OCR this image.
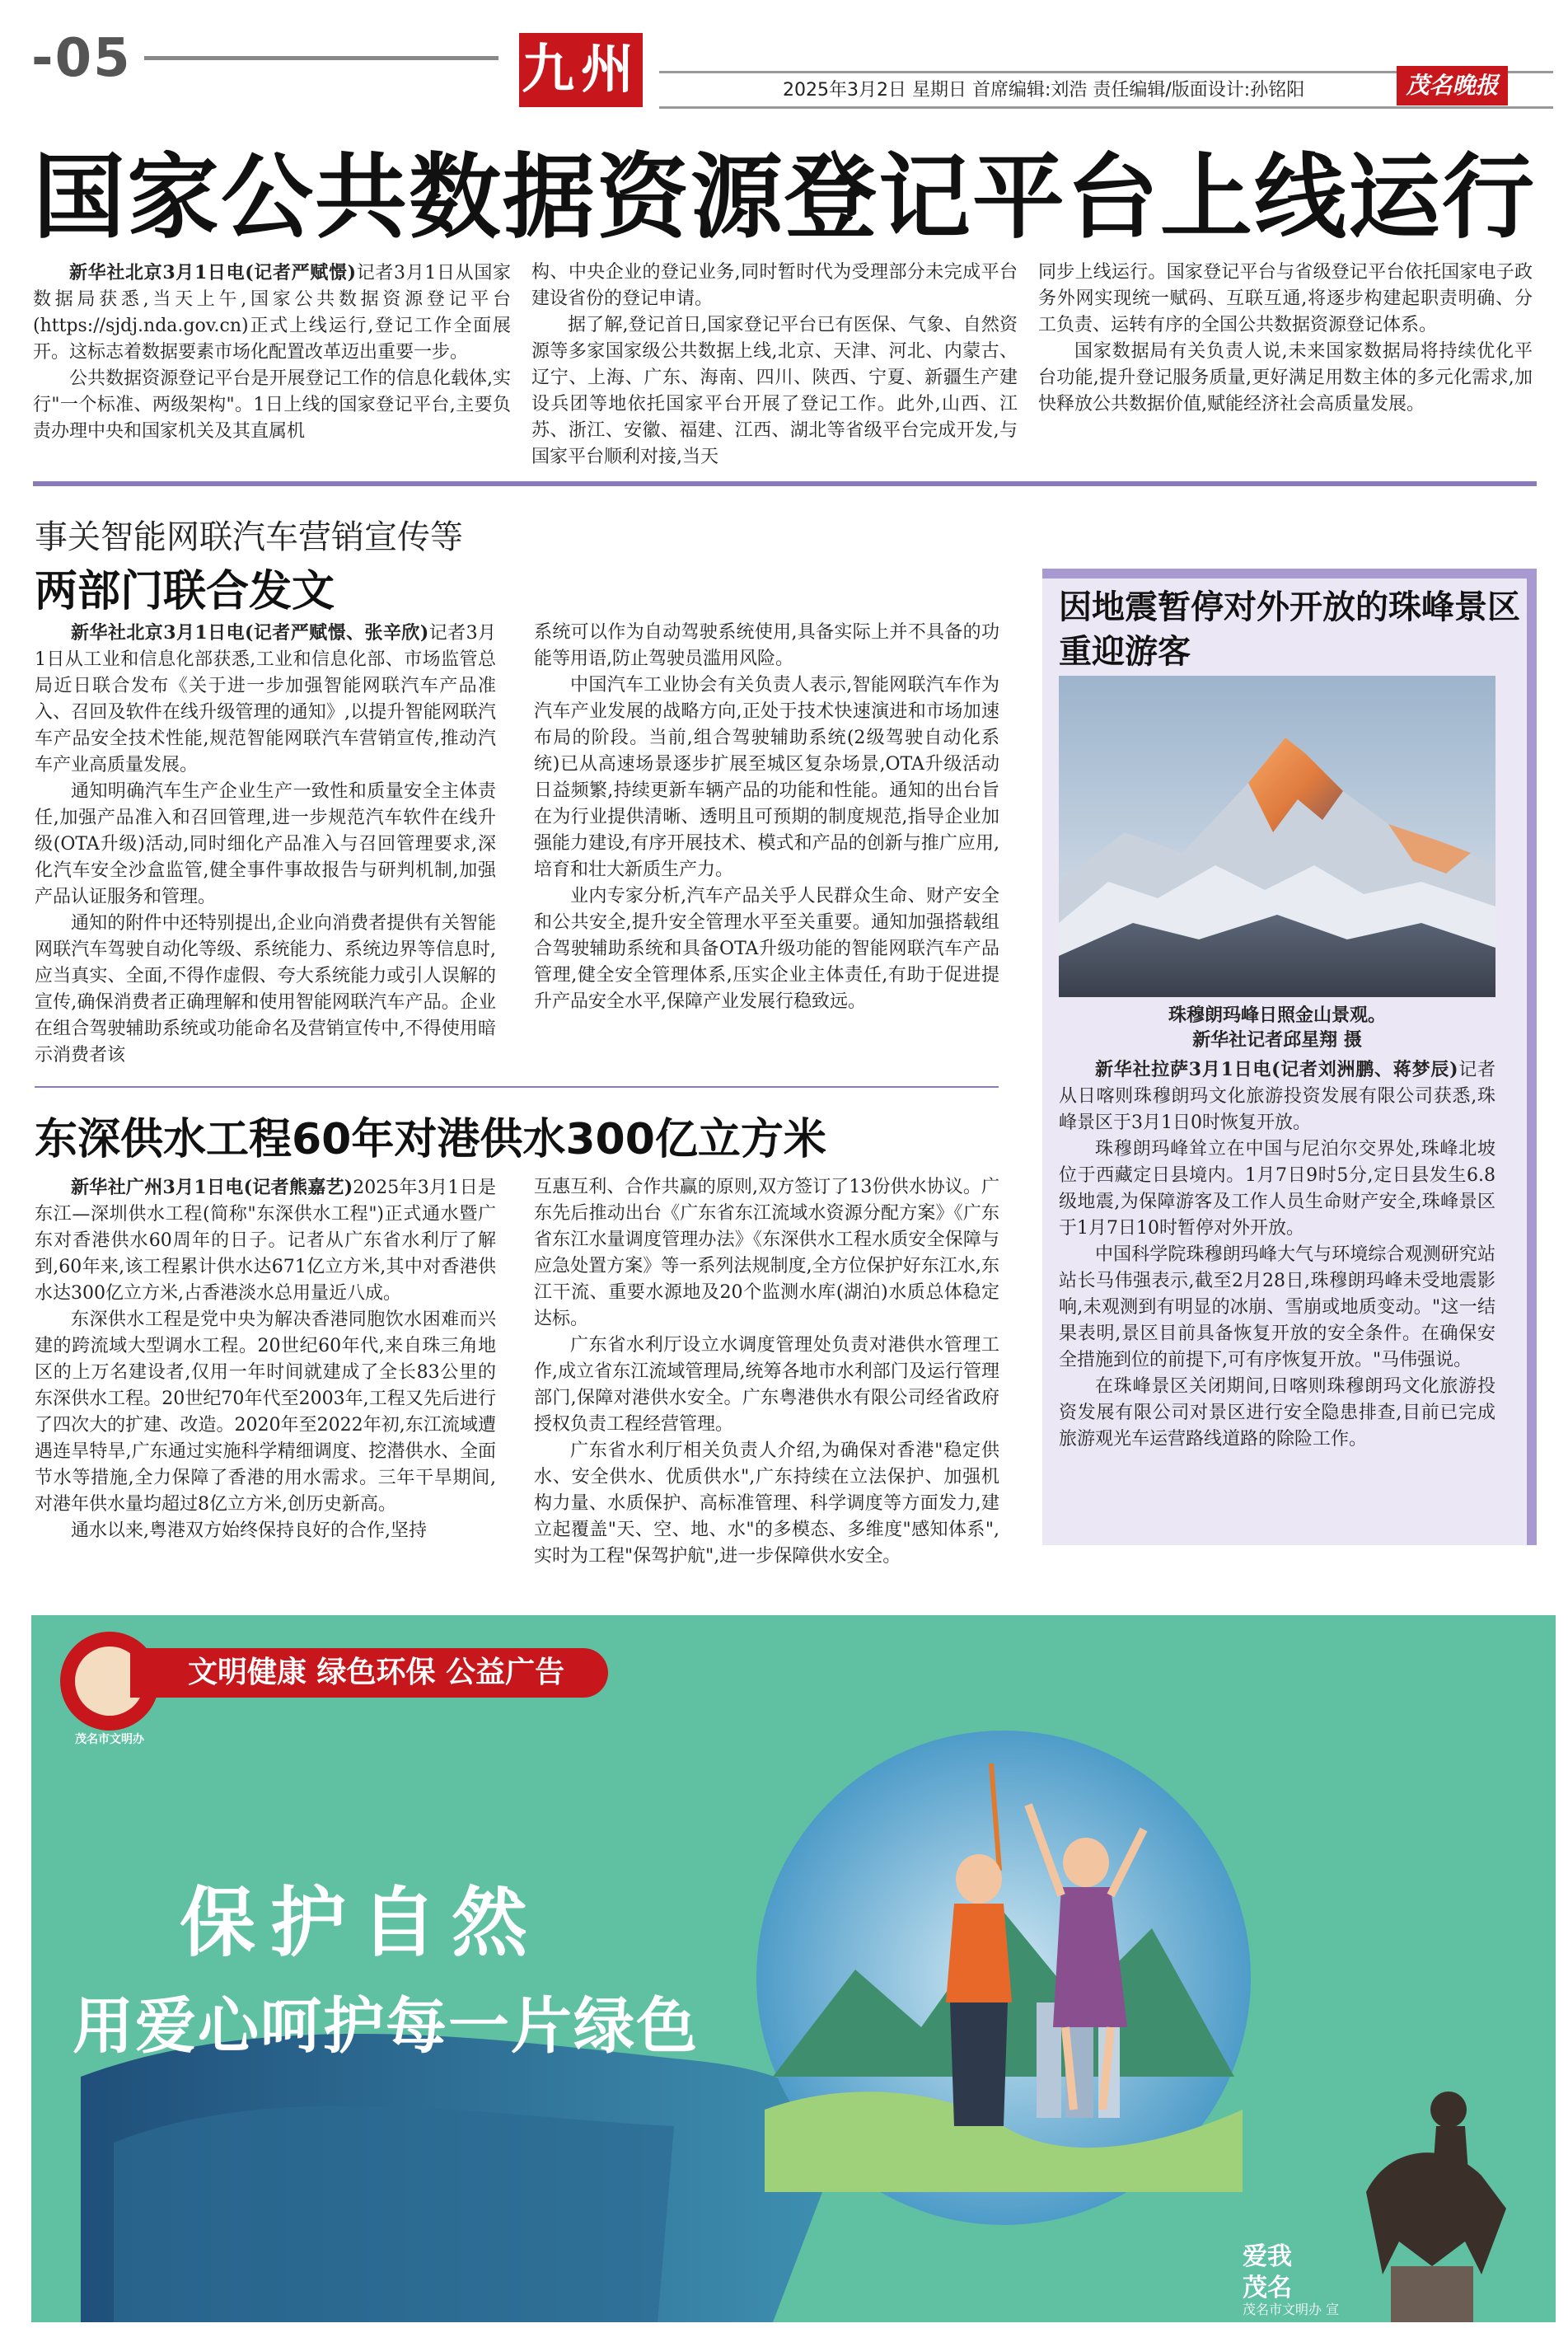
-05	九州	2025年3月2日 星期日 首席编辑:刘浩 责任编辑/版面设计:孙铭阳	茂名晚报
国家公共数据资源登记平台上线运行

新华社北京3月1日电(记者严赋憬)记者3月1日从国家数据局获悉,当天上午,国家公共数据资源登记平台(https://sjdj.nda.gov.cn)正式上线运行,登记工作全面展开。这标志着数据要素市场化配置改革迈出重要一步。

公共数据资源登记平台是开展登记工作的信息化载体,实行"一个标准、两级架构"。1日上线的国家登记平台,主要负责办理中央和国家机关及其直属机

构、中央企业的登记业务,同时暂时代为受理部分未完成平台建设省份的登记申请。

据了解,登记首日,国家登记平台已有医保、气象、自然资源等多家国家级公共数据上线,北京、天津、河北、内蒙古、辽宁、上海、广东、海南、四川、陕西、宁夏、新疆生产建设兵团等地依托国家平台开展了登记工作。此外,山西、江苏、浙江、安徽、福建、江西、湖北等省级平台完成开发,与国家平台顺利对接,当天

同步上线运行。国家登记平台与省级登记平台依托国家电子政务外网实现统一赋码、互联互通,将逐步构建起职责明确、分工负责、运转有序的全国公共数据资源登记体系。

国家数据局有关负责人说,未来国家数据局将持续优化平台功能,提升登记服务质量,更好满足用数主体的多元化需求,加快释放公共数据价值,赋能经济社会高质量发展。

事关智能网联汽车营销宣传等
两部门联合发文

新华社北京3月1日电(记者严赋憬、张辛欣)记者3月1日从工业和信息化部获悉,工业和信息化部、市场监管总局近日联合发布《关于进一步加强智能网联汽车产品准入、召回及软件在线升级管理的通知》,以提升智能网联汽车产品安全技术性能,规范智能网联汽车营销宣传,推动汽车产业高质量发展。

通知明确汽车生产企业生产一致性和质量安全主体责任,加强产品准入和召回管理,进一步规范汽车软件在线升级(OTA升级)活动,同时细化产品准入与召回管理要求,深化汽车安全沙盒监管,健全事件事故报告与研判机制,加强产品认证服务和管理。

通知的附件中还特别提出,企业向消费者提供有关智能网联汽车驾驶自动化等级、系统能力、系统边界等信息时,应当真实、全面,不得作虚假、夸大系统能力或引人误解的宣传,确保消费者正确理解和使用智能网联汽车产品。企业在组合驾驶辅助系统或功能命名及营销宣传中,不得使用暗示消费者该

系统可以作为自动驾驶系统使用,具备实际上并不具备的功能等用语,防止驾驶员滥用风险。

中国汽车工业协会有关负责人表示,智能网联汽车作为汽车产业发展的战略方向,正处于技术快速演进和市场加速布局的阶段。当前,组合驾驶辅助系统(2级驾驶自动化系统)已从高速场景逐步扩展至城区复杂场景,OTA升级活动日益频繁,持续更新车辆产品的功能和性能。通知的出台旨在为行业提供清晰、透明且可预期的制度规范,指导企业加强能力建设,有序开展技术、模式和产品的创新与推广应用,培育和壮大新质生产力。

业内专家分析,汽车产品关乎人民群众生命、财产安全和公共安全,提升安全管理水平至关重要。通知加强搭载组合驾驶辅助系统和具备OTA升级功能的智能网联汽车产品管理,健全安全管理体系,压实企业主体责任,有助于促进提升产品安全水平,保障产业发展行稳致远。

因地震暂停对外开放的珠峰景区重迎游客
珠穆朗玛峰日照金山景观。
新华社记者邱星翔 摄

新华社拉萨3月1日电(记者刘洲鹏、蒋梦辰)记者从日喀则珠穆朗玛文化旅游投资发展有限公司获悉,珠峰景区于3月1日0时恢复开放。

珠穆朗玛峰耸立在中国与尼泊尔交界处,珠峰北坡位于西藏定日县境内。1月7日9时5分,定日县发生6.8级地震,为保障游客及工作人员生命财产安全,珠峰景区于1月7日10时暂停对外开放。

中国科学院珠穆朗玛峰大气与环境综合观测研究站站长马伟强表示,截至2月28日,珠穆朗玛峰未受地震影响,未观测到有明显的冰崩、雪崩或地质变动。"这一结果表明,景区目前具备恢复开放的安全条件。在确保安全措施到位的前提下,可有序恢复开放。"马伟强说。

在珠峰景区关闭期间,日喀则珠穆朗玛文化旅游投资发展有限公司对景区进行安全隐患排查,目前已完成旅游观光车运营路线道路的除险工作。

东深供水工程60年对港供水300亿立方米

新华社广州3月1日电(记者熊嘉艺)2025年3月1日是东江—深圳供水工程(简称"东深供水工程")正式通水暨广东对香港供水60周年的日子。记者从广东省水利厅了解到,60年来,该工程累计供水达671亿立方米,其中对香港供水达300亿立方米,占香港淡水总用量近八成。

东深供水工程是党中央为解决香港同胞饮水困难而兴建的跨流域大型调水工程。20世纪60年代,来自珠三角地区的上万名建设者,仅用一年时间就建成了全长83公里的东深供水工程。20世纪70年代至2003年,工程又先后进行了四次大的扩建、改造。2020年至2022年初,东江流域遭遇连旱特旱,广东通过实施科学精细调度、挖潜供水、全面节水等措施,全力保障了香港的用水需求。三年干旱期间,对港年供水量均超过8亿立方米,创历史新高。

通水以来,粤港双方始终保持良好的合作,坚持

互惠互利、合作共赢的原则,双方签订了13份供水协议。广东先后推动出台《广东省东江流域水资源分配方案》《广东省东江水量调度管理办法》《东深供水工程水质安全保障与应急处置方案》等一系列法规制度,全方位保护好东江水,东江干流、重要水源地及20个监测水库(湖泊)水质总体稳定达标。

广东省水利厅设立水调度管理处负责对港供水管理工作,成立省东江流域管理局,统筹各地市水利部门及运行管理部门,保障对港供水安全。广东粤港供水有限公司经省政府授权负责工程经营管理。

广东省水利厅相关负责人介绍,为确保对香港"稳定供水、安全供水、优质供水",广东持续在立法保护、加强机构力量、水质保护、高标准管理、科学调度等方面发力,建立起覆盖"天、空、地、水"的多模态、多维度"感知体系",实时为工程"保驾护航",进一步保障供水安全。

茂名市文明办
文明健康 绿色环保 公益广告
保护自然
用爱心呵护每一片绿色
爱我茂名
茂名市文明办 宣
